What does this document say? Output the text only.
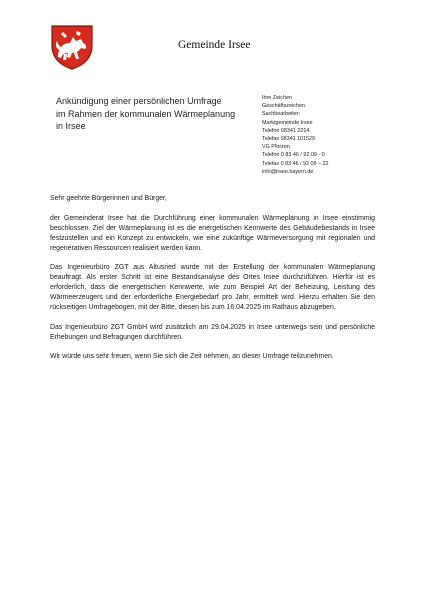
Gemeinde Irsee
Ankündigung einer persönlichen Umfrage
im Rahmen der kommunalen Wärmeplanung
in Irsee
Ihre Zeichen
Geschäftszeichen
Sachbearbeiter:
Marktgemeinde Irsee
Telefon 08341 2214
Telefax 08341 101529
VG Pforzen
Telefon 0 83 46 / 92 09 - 0
Telefax 0 83 46 / 92 09 – 22
info@irsee.bayern.de

Sehr geehrte Bürgerinnen und Bürger,

der Gemeinderat Irsee hat die Durchführung einer kommunalen Wärmeplanung in Irsee einstimmig beschlossen. Ziel der Wärmeplanung ist es die energetischen Kennwerte des Gebäudebestands in Irsee festzustellen und ein Konzept zu entwickeln, wie eine zukünftige Wärmeversorgung mit regionalen und regenerativen Ressourcen realisiert werden kann.

Das Ingenieurbüro ZGT aus Altusried wurde mit der Erstellung der kommunalen Wärmeplanung beauftragt. Als erster Schritt ist eine Bestandsanalyse des Ortes Irsee durchzuführen. Hierfür ist es erforderlich, dass die energetischen Kennwerte, wie zum Beispiel Art der Beheizung, Leistung des Wärmeerzeugers und der erforderliche Energiebedarf pro Jahr, ermittelt wird. Hierzu erhalten Sie den rückseitigen Umfragebogen, mit der Bitte, diesen bis zum 16.04.2025 im Rathaus abzugeben.

Das Ingenieurbüro ZGT GmbH wird zusätzlich am 29.04.2025 in Irsee unterwegs sein und persönliche Erhebungen und Befragungen durchführen.

Wir würde uns sehr freuen, wenn Sie sich die Zeit nehmen, an dieser Umfrage teilzunehmen.
